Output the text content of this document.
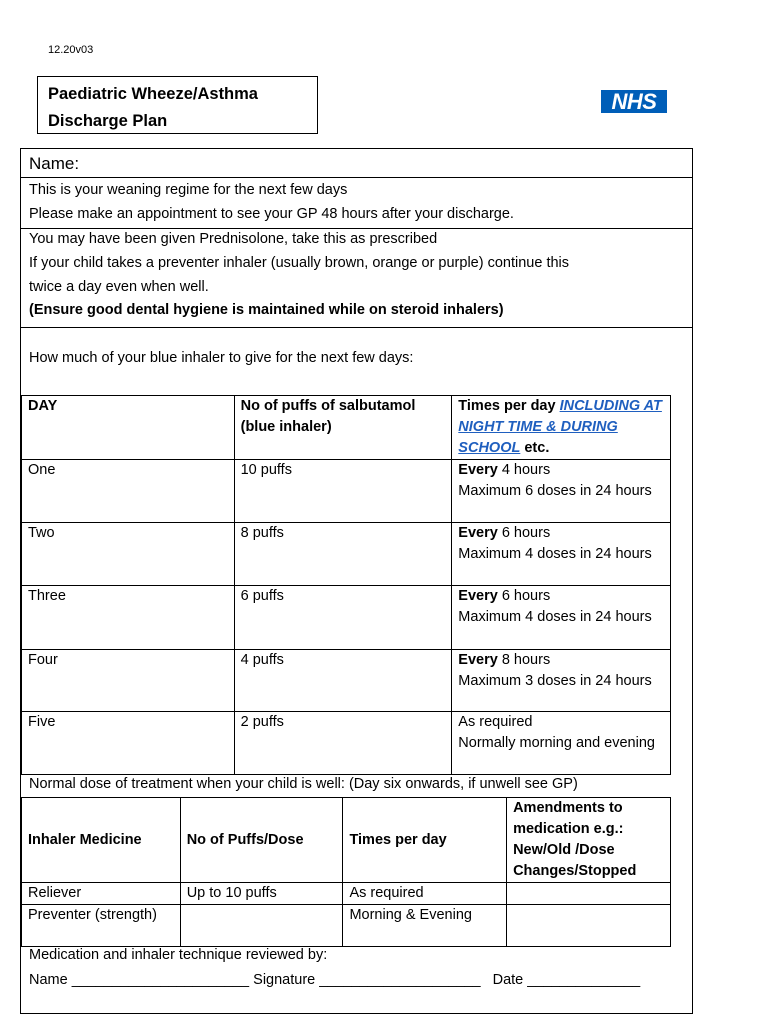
12.20v03
Paediatric Wheeze/Asthma
Discharge Plan
NHS
Name:
This is your weaning regime for the next few days
Please make an appointment to see your GP 48 hours after your discharge.
You may have been given Prednisolone, take this as prescribed
If your child takes a preventer inhaler (usually brown, orange or purple) continue this
twice a day even when well.
(Ensure good dental hygiene is maintained while on steroid inhalers)
How much of your blue inhaler to give for the next few days:
DAY	No of puffs of salbutamol (blue inhaler)	Times per day INCLUDING AT NIGHT TIME & DURING SCHOOL etc.
One	10 puffs	Every 4 hours
Maximum 6 doses in 24 hours
Two	8 puffs	Every 6 hours
Maximum 4 doses in 24 hours
Three	6 puffs	Every 6 hours
Maximum 4 doses in 24 hours
Four	4 puffs	Every 8 hours
Maximum 3 doses in 24 hours
Five	2 puffs	As required
Normally morning and evening
Normal dose of treatment when your child is well: (Day six onwards, if unwell see GP)
Inhaler Medicine	No of Puffs/Dose	Times per day	Amendments to medication e.g.: New/Old /Dose Changes/Stopped
Reliever	Up to 10 puffs	As required	
Preventer (strength)		Morning & Evening	
Medication and inhaler technique reviewed by:
Name ______________________ Signature ____________________   Date ______________
